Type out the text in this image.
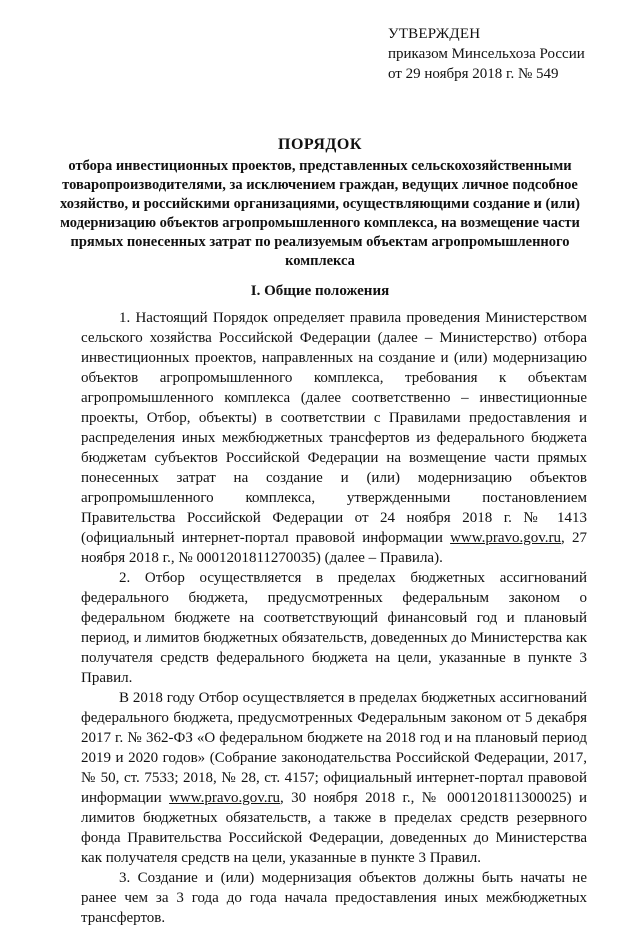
УТВЕРЖДЕН
приказом Минсельхоза России
от 29 ноября 2018 г. № 549
ПОРЯДОК
отбора инвестиционных проектов, представленных сельскохозяйственными товаропроизводителями, за исключением граждан, ведущих личное подсобное хозяйство, и российскими организациями, осуществляющими создание и (или) модернизацию объектов агропромышленного комплекса, на возмещение части прямых понесенных затрат по реализуемым объектам агропромышленного комплекса
I. Общие положения

1. Настоящий Порядок определяет правила проведения Министерством сельского хозяйства Российской Федерации (далее – Министерство) отбора инвестиционных проектов, направленных на создание и (или) модернизацию объектов агропромышленного комплекса, требования к объектам агропромышленного комплекса (далее соответственно – инвестиционные проекты, Отбор, объекты) в соответствии с Правилами предоставления и распределения иных межбюджетных трансфертов из федерального бюджета бюджетам субъектов Российской Федерации на возмещение части прямых понесенных затрат на создание и (или) модернизацию объектов агропромышленного комплекса, утвержденными постановлением Правительства Российской Федерации от 24 ноября 2018 г. № 1413 (официальный интернет-портал правовой информации www.pravo.gov.ru, 27 ноября 2018 г., № 0001201811270035) (далее – Правила).

2. Отбор осуществляется в пределах бюджетных ассигнований федерального бюджета, предусмотренных федеральным законом о федеральном бюджете на соответствующий финансовый год и плановый период, и лимитов бюджетных обязательств, доведенных до Министерства как получателя средств федерального бюджета на цели, указанные в пункте 3 Правил.

В 2018 году Отбор осуществляется в пределах бюджетных ассигнований федерального бюджета, предусмотренных Федеральным законом от 5 декабря 2017 г. № 362-ФЗ «О федеральном бюджете на 2018 год и на плановый период 2019 и 2020 годов» (Собрание законодательства Российской Федерации, 2017, № 50, ст. 7533; 2018, № 28, ст. 4157; официальный интернет-портал правовой информации www.pravo.gov.ru, 30 ноября 2018 г., № 0001201811300025) и лимитов бюджетных обязательств, а также в пределах средств резервного фонда Правительства Российской Федерации, доведенных до Министерства как получателя средств на цели, указанные в пункте 3 Правил.

3. Создание и (или) модернизация объектов должны быть начаты не ранее чем за 3 года до года начала предоставления иных межбюджетных трансфертов.
